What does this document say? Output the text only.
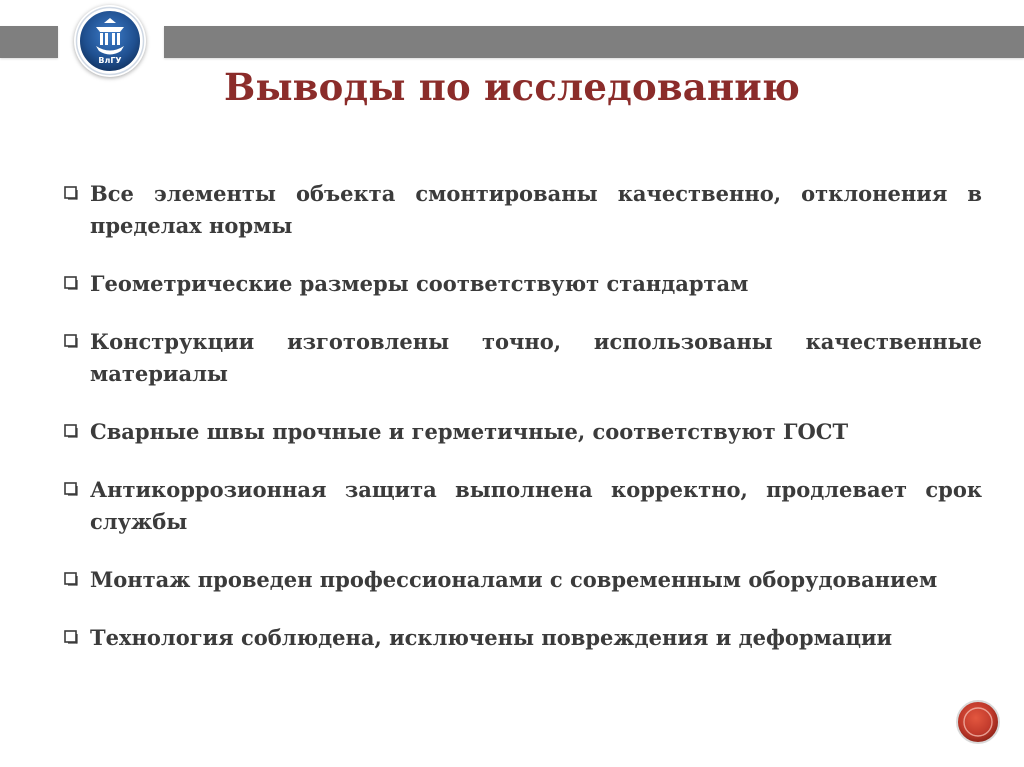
ВлГУ
Выводы по исследованию
Все элементы объекта смонтированы качественно, отклонения в пределах нормы
Геометрические размеры соответствуют стандартам
Конструкции изготовлены точно, использованы качественные материалы
Сварные швы прочные и герметичные, соответствуют ГОСТ
Антикоррозионная защита выполнена корректно, продлевает срок службы
Монтаж проведен профессионалами с современным оборудованием
Технология соблюдена, исключены повреждения и деформации
